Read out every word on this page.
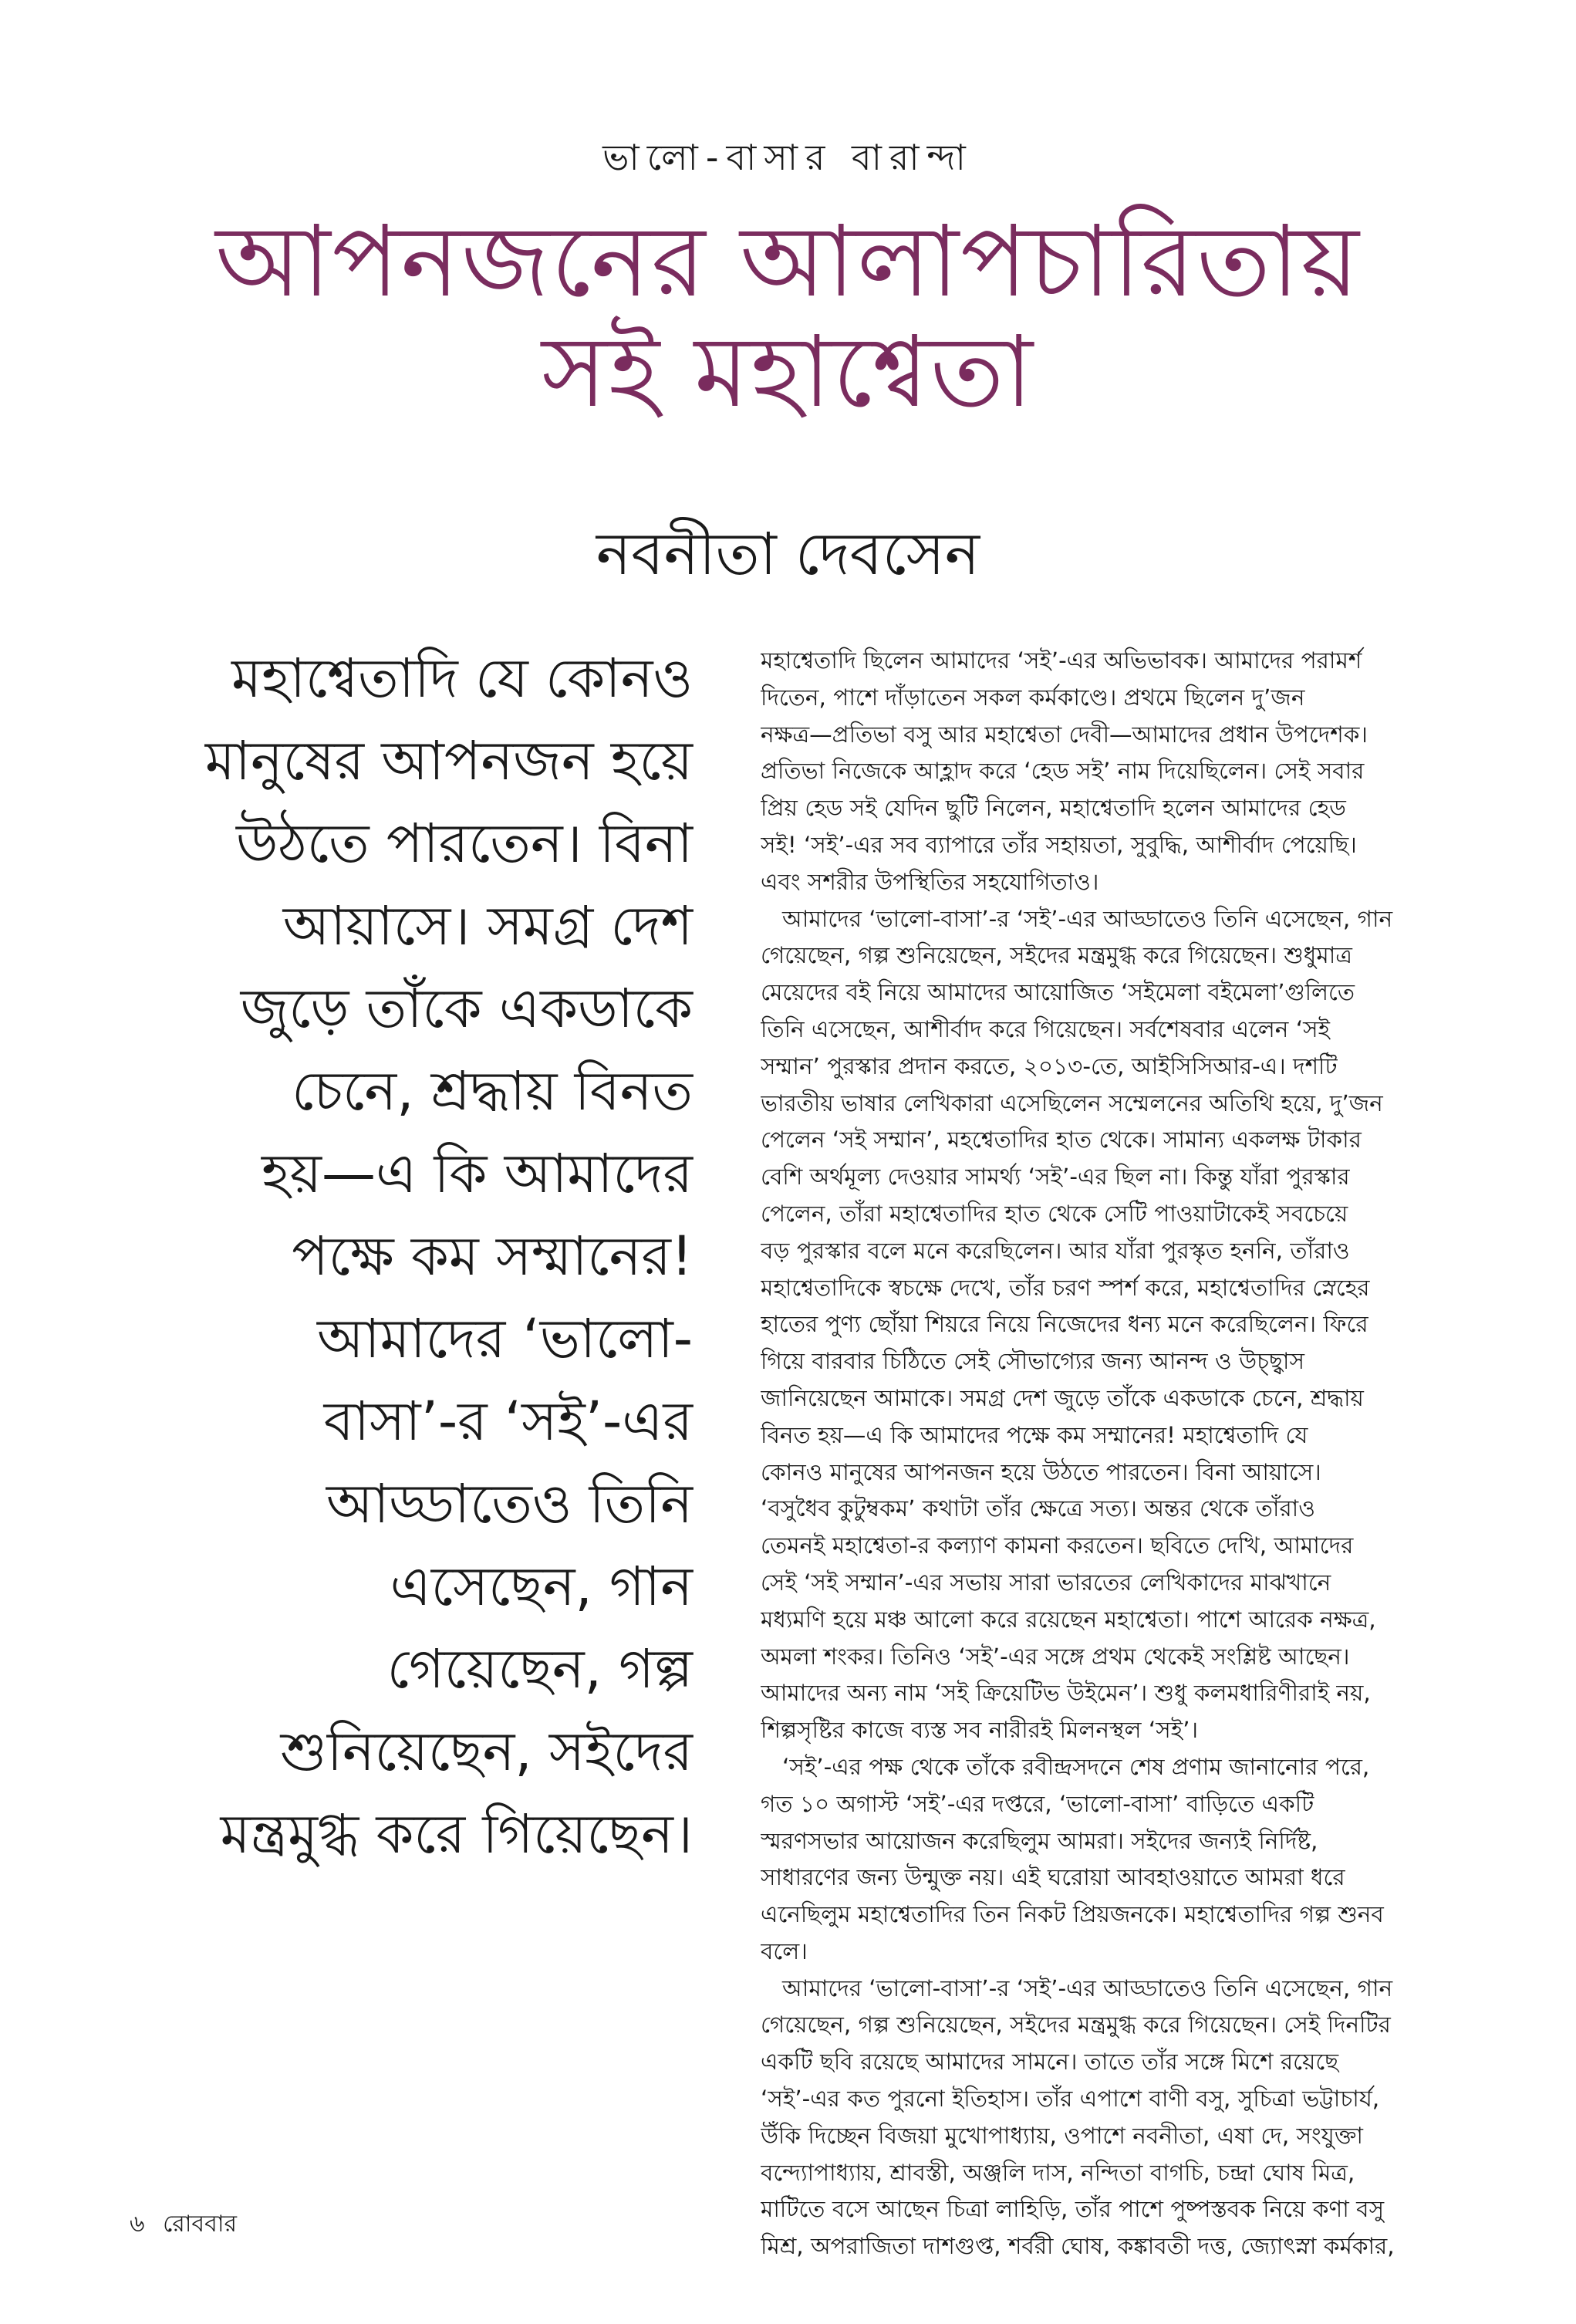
ভালো-বাসার বারান্দা
আপনজনের আলাপচারিতায়
সই মহাশ্বেতা
নবনীতা দেবসেন
মহাশ্বেতাদি যে কোনও
মানুষের আপনজন হয়ে
উঠতে পারতেন। বিনা
আয়াসে। সমগ্র দেশ
জুড়ে তাঁকে একডাকে
চেনে, শ্রদ্ধায় বিনত
হয়—এ কি আমাদের
পক্ষে কম সম্মানের!
আমাদের ‘ভালো-
বাসা’-র ‘সই’-এর
আড্ডাতেও তিনি
এসেছেন, গান
গেয়েছেন, গল্প
শুনিয়েছেন, সইদের
মন্ত্রমুগ্ধ করে গিয়েছেন।
মহাশ্বেতাদি ছিলেন আমাদের ‘সই’-এর অভিভাবক। আমাদের পরামর্শ
দিতেন, পাশে দাঁড়াতেন সকল কর্মকাণ্ডে। প্রথমে ছিলেন দু’জন
নক্ষত্র—প্রতিভা বসু আর মহাশ্বেতা দেবী—আমাদের প্রধান উপদেশক।
প্রতিভা নিজেকে আহ্লাদ করে ‘হেড সই’ নাম দিয়েছিলেন। সেই সবার
প্রিয় হেড সই যেদিন ছুটি নিলেন, মহাশ্বেতাদি হলেন আমাদের হেড
সই! ‘সই’-এর সব ব্যাপারে তাঁর সহায়তা, সুবুদ্ধি, আশীর্বাদ পেয়েছি।
এবং সশরীর উপস্থিতির সহযোগিতাও।
আমাদের ‘ভালো-বাসা’-র ‘সই’-এর আড্ডাতেও তিনি এসেছেন, গান
গেয়েছেন, গল্প শুনিয়েছেন, সইদের মন্ত্রমুগ্ধ করে গিয়েছেন। শুধুমাত্র
মেয়েদের বই নিয়ে আমাদের আয়োজিত ‘সইমেলা বইমেলা’গুলিতে
তিনি এসেছেন, আশীর্বাদ করে গিয়েছেন। সর্বশেষবার এলেন ‘সই
সম্মান’ পুরস্কার প্রদান করতে, ২০১৩-তে, আইসিসিআর-এ। দশটি
ভারতীয় ভাষার লেখিকারা এসেছিলেন সম্মেলনের অতিথি হয়ে, দু’জন
পেলেন ‘সই সম্মান’, মহশ্বেতাদির হাত থেকে। সামান্য একলক্ষ টাকার
বেশি অর্থমূল্য দেওয়ার সামর্থ্য ‘সই’-এর ছিল না। কিন্তু যাঁরা পুরস্কার
পেলেন, তাঁরা মহাশ্বেতাদির হাত থেকে সেটি পাওয়াটাকেই সবচেয়ে
বড় পুরস্কার বলে মনে করেছিলেন। আর যাঁরা পুরস্কৃত হননি, তাঁরাও
মহাশ্বেতাদিকে স্বচক্ষে দেখে, তাঁর চরণ স্পর্শ করে, মহাশ্বেতাদির স্নেহের
হাতের পুণ্য ছোঁয়া শিয়রে নিয়ে নিজেদের ধন্য মনে করেছিলেন। ফিরে
গিয়ে বারবার চিঠিতে সেই সৌভাগ্যের জন্য আনন্দ ও উচ্ছ্বাস
জানিয়েছেন আমাকে। সমগ্র দেশ জুড়ে তাঁকে একডাকে চেনে, শ্রদ্ধায়
বিনত হয়—এ কি আমাদের পক্ষে কম সম্মানের! মহাশ্বেতাদি যে
কোনও মানুষের আপনজন হয়ে উঠতে পারতেন। বিনা আয়াসে।
‘বসুধৈব কুটুম্বকম’ কথাটা তাঁর ক্ষেত্রে সত্য। অন্তর থেকে তাঁরাও
তেমনই মহাশ্বেতা-র কল্যাণ কামনা করতেন। ছবিতে দেখি, আমাদের
সেই ‘সই সম্মান’-এর সভায় সারা ভারতের লেখিকাদের মাঝখানে
মধ্যমণি হয়ে মঞ্চ আলো করে রয়েছেন মহাশ্বেতা। পাশে আরেক নক্ষত্র,
অমলা শংকর। তিনিও ‘সই’-এর সঙ্গে প্রথম থেকেই সংশ্লিষ্ট আছেন।
আমাদের অন্য নাম ‘সই ক্রিয়েটিভ উইমেন’। শুধু কলমধারিণীরাই নয়,
শিল্পসৃষ্টির কাজে ব্যস্ত সব নারীরই মিলনস্থল ‘সই’।
‘সই’-এর পক্ষ থেকে তাঁকে রবীন্দ্রসদনে শেষ প্রণাম জানানোর পরে,
গত ১০ অগাস্ট ‘সই’-এর দপ্তরে, ‘ভালো-বাসা’ বাড়িতে একটি
স্মরণসভার আয়োজন করেছিলুম আমরা। সইদের জন্যই নির্দিষ্ট,
সাধারণের জন্য উন্মুক্ত নয়। এই ঘরোয়া আবহাওয়াতে আমরা ধরে
এনেছিলুম মহাশ্বেতাদির তিন নিকট প্রিয়জনকে। মহাশ্বেতাদির গল্প শুনব
বলে।
আমাদের ‘ভালো-বাসা’-র ‘সই’-এর আড্ডাতেও তিনি এসেছেন, গান
গেয়েছেন, গল্প শুনিয়েছেন, সইদের মন্ত্রমুগ্ধ করে গিয়েছেন। সেই দিনটির
একটি ছবি রয়েছে আমাদের সামনে। তাতে তাঁর সঙ্গে মিশে রয়েছে
‘সই’-এর কত পুরনো ইতিহাস। তাঁর এপাশে বাণী বসু, সুচিত্রা ভট্টাচার্য,
উঁকি দিচ্ছেন বিজয়া মুখোপাধ্যায়, ওপাশে নবনীতা, এষা দে, সংযুক্তা
বন্দ্যোপাধ্যায়, শ্রাবস্তী, অঞ্জলি দাস, নন্দিতা বাগচি, চন্দ্রা ঘোষ মিত্র,
মাটিতে বসে আছেন চিত্রা লাহিড়ি, তাঁর পাশে পুষ্পস্তবক নিয়ে কণা বসু
মিশ্র, অপরাজিতা দাশগুপ্ত, শর্বরী ঘোষ, কঙ্কাবতী দত্ত, জ্যোৎস্না কর্মকার,
৬ রোববার
